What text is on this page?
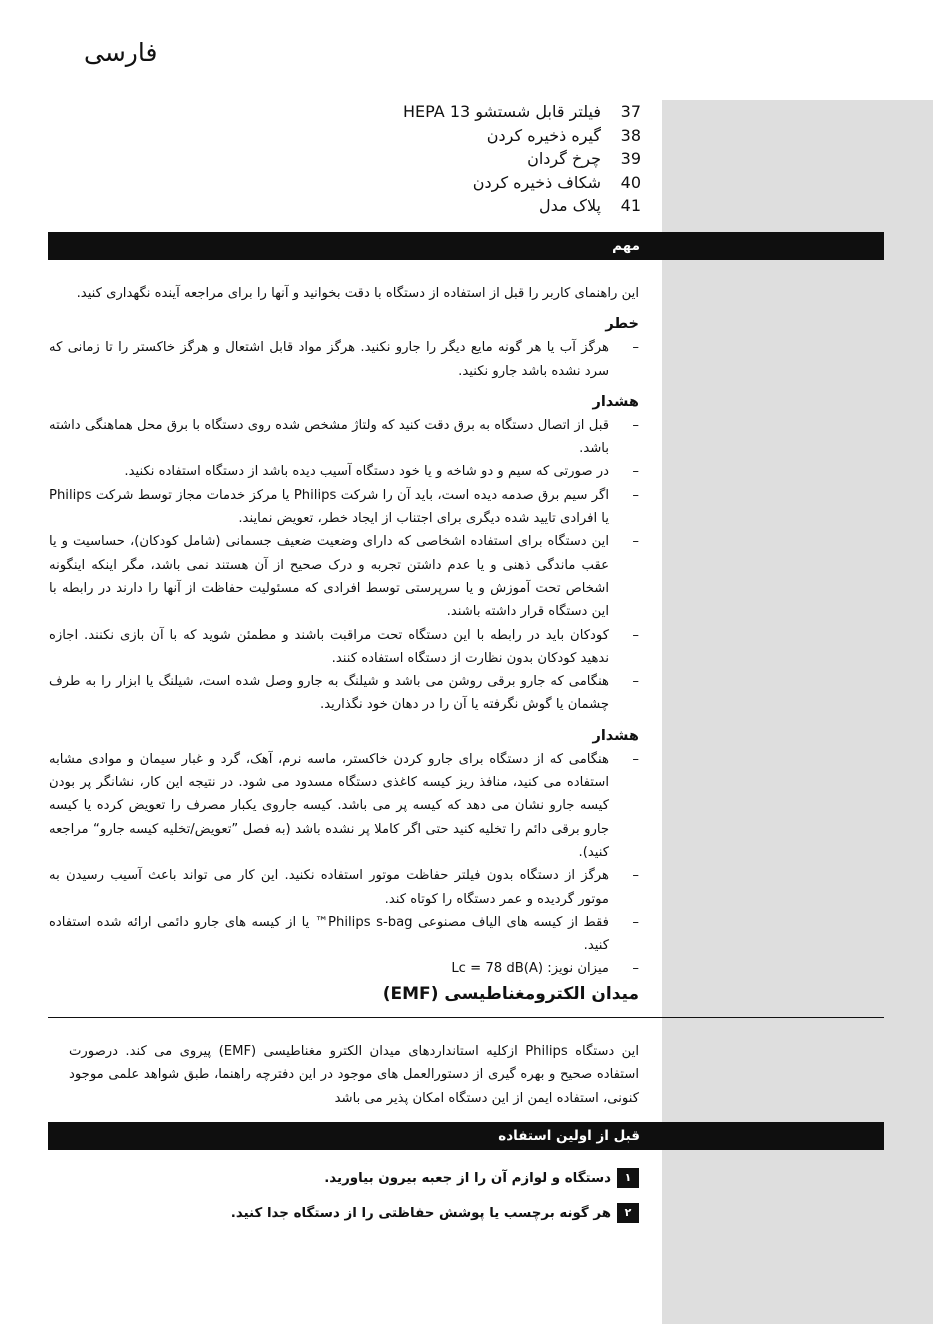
فارسی
37
فیلتر قابل شستشو HEPA 13
38
گیره ذخیره کردن
39
چرخ گردان
40
شکاف ذخیره کردن
41
پلاک مدل
مهم

این راهنمای کاربر را قبل از استفاده از دستگاه با دقت بخوانید و آنها را برای مراجعه آینده نگهداری کنید.

خطر
– هرگز آب یا هر گونه مایع دیگر را جارو نکنید. هرگز مواد قابل اشتعال و هرگز خاکستر را تا زمانی که سرد نشده باشد جارو نکنید.
هشدار
– قبل از اتصال دستگاه به برق دقت کنید که ولتاژ مشخص شده روی دستگاه با برق محل هماهنگی داشته باشد.
– در صورتی که سیم و دو شاخه و یا خود دستگاه آسیب دیده باشد از دستگاه استفاده نکنید.
– اگر سیم برق صدمه دیده است، باید آن را شرکت Philips یا مرکز خدمات مجاز توسط شرکت Philips یا افرادی تایید شده دیگری برای اجتناب از ایجاد خطر، تعویض نمایند.
– این دستگاه برای استفاده اشخاصی که دارای وضعیت ضعیف جسمانی (شامل کودکان)، حساسیت و یا عقب ماندگی ذهنی و یا عدم داشتن تجربه و درک صحیح از آن هستند نمی باشد، مگر اینکه اینگونه اشخاص تحت آموزش و یا سرپرستی توسط افرادی که مسئولیت حفاظت از آنها را دارند در رابطه با این دستگاه قرار داشته باشند.
– کودکان باید در رابطه با این دستگاه تحت مراقبت باشند و مطمئن شوید که با آن بازی نکنند. اجازه ندهید کودکان بدون نظارت از دستگاه استفاده کنند.
– هنگامی که جارو برقی روشن می باشد و شیلنگ به جارو وصل شده است، شیلنگ یا ابزار را به طرف چشمان یا گوش نگرفته یا آن را در دهان خود نگذارید.
هشدار
– هنگامی که از دستگاه برای جارو کردن خاکستر، ماسه نرم، آهک، گرد و غبار سیمان و موادی مشابه استفاده می کنید، منافذ ریز کیسه کاغذی دستگاه مسدود می شود. در نتیجه این کار، نشانگر پر بودن کیسه جارو نشان می دهد که کیسه پر می باشد. کیسه جاروی یکبار مصرف را تعویض کرده یا کیسه جارو برقی دائم را تخلیه کنید حتی اگر کاملا پر نشده باشد (به فصل ”تعویض/تخلیه کیسه جارو“ مراجعه کنید).
– هرگز از دستگاه بدون فیلتر حفاظت موتور استفاده نکنید. این کار می تواند باعث آسیب رسیدن به موتور گردیده و عمر دستگاه را کوتاه کند.
– فقط از کیسه های الیاف مصنوعی Philips s-bag™ یا از کیسه های جارو دائمی ارائه شده استفاده کنید.
– میزان نویز: Lc = 78 dB(A)
میدان الکترومغناطیسی (EMF)
این دستگاه Philips ازکلیه استانداردهای میدان الکترو مغناطیسی (EMF) پیروی می کند. درصورت استفاده صحیح و بهره گیری از دستورالعمل های موجود در این دفترچه راهنما، طبق شواهد علمی موجود کنونی، استفاده ایمن از این دستگاه امکان پذیر می باشد
قبل از اولین استفاده
۱
دستگاه و لوازم آن را از جعبه بیرون بیاورید.
۲
هر گونه برچسب یا پوشش حفاظتی را از دستگاه جدا کنید.
